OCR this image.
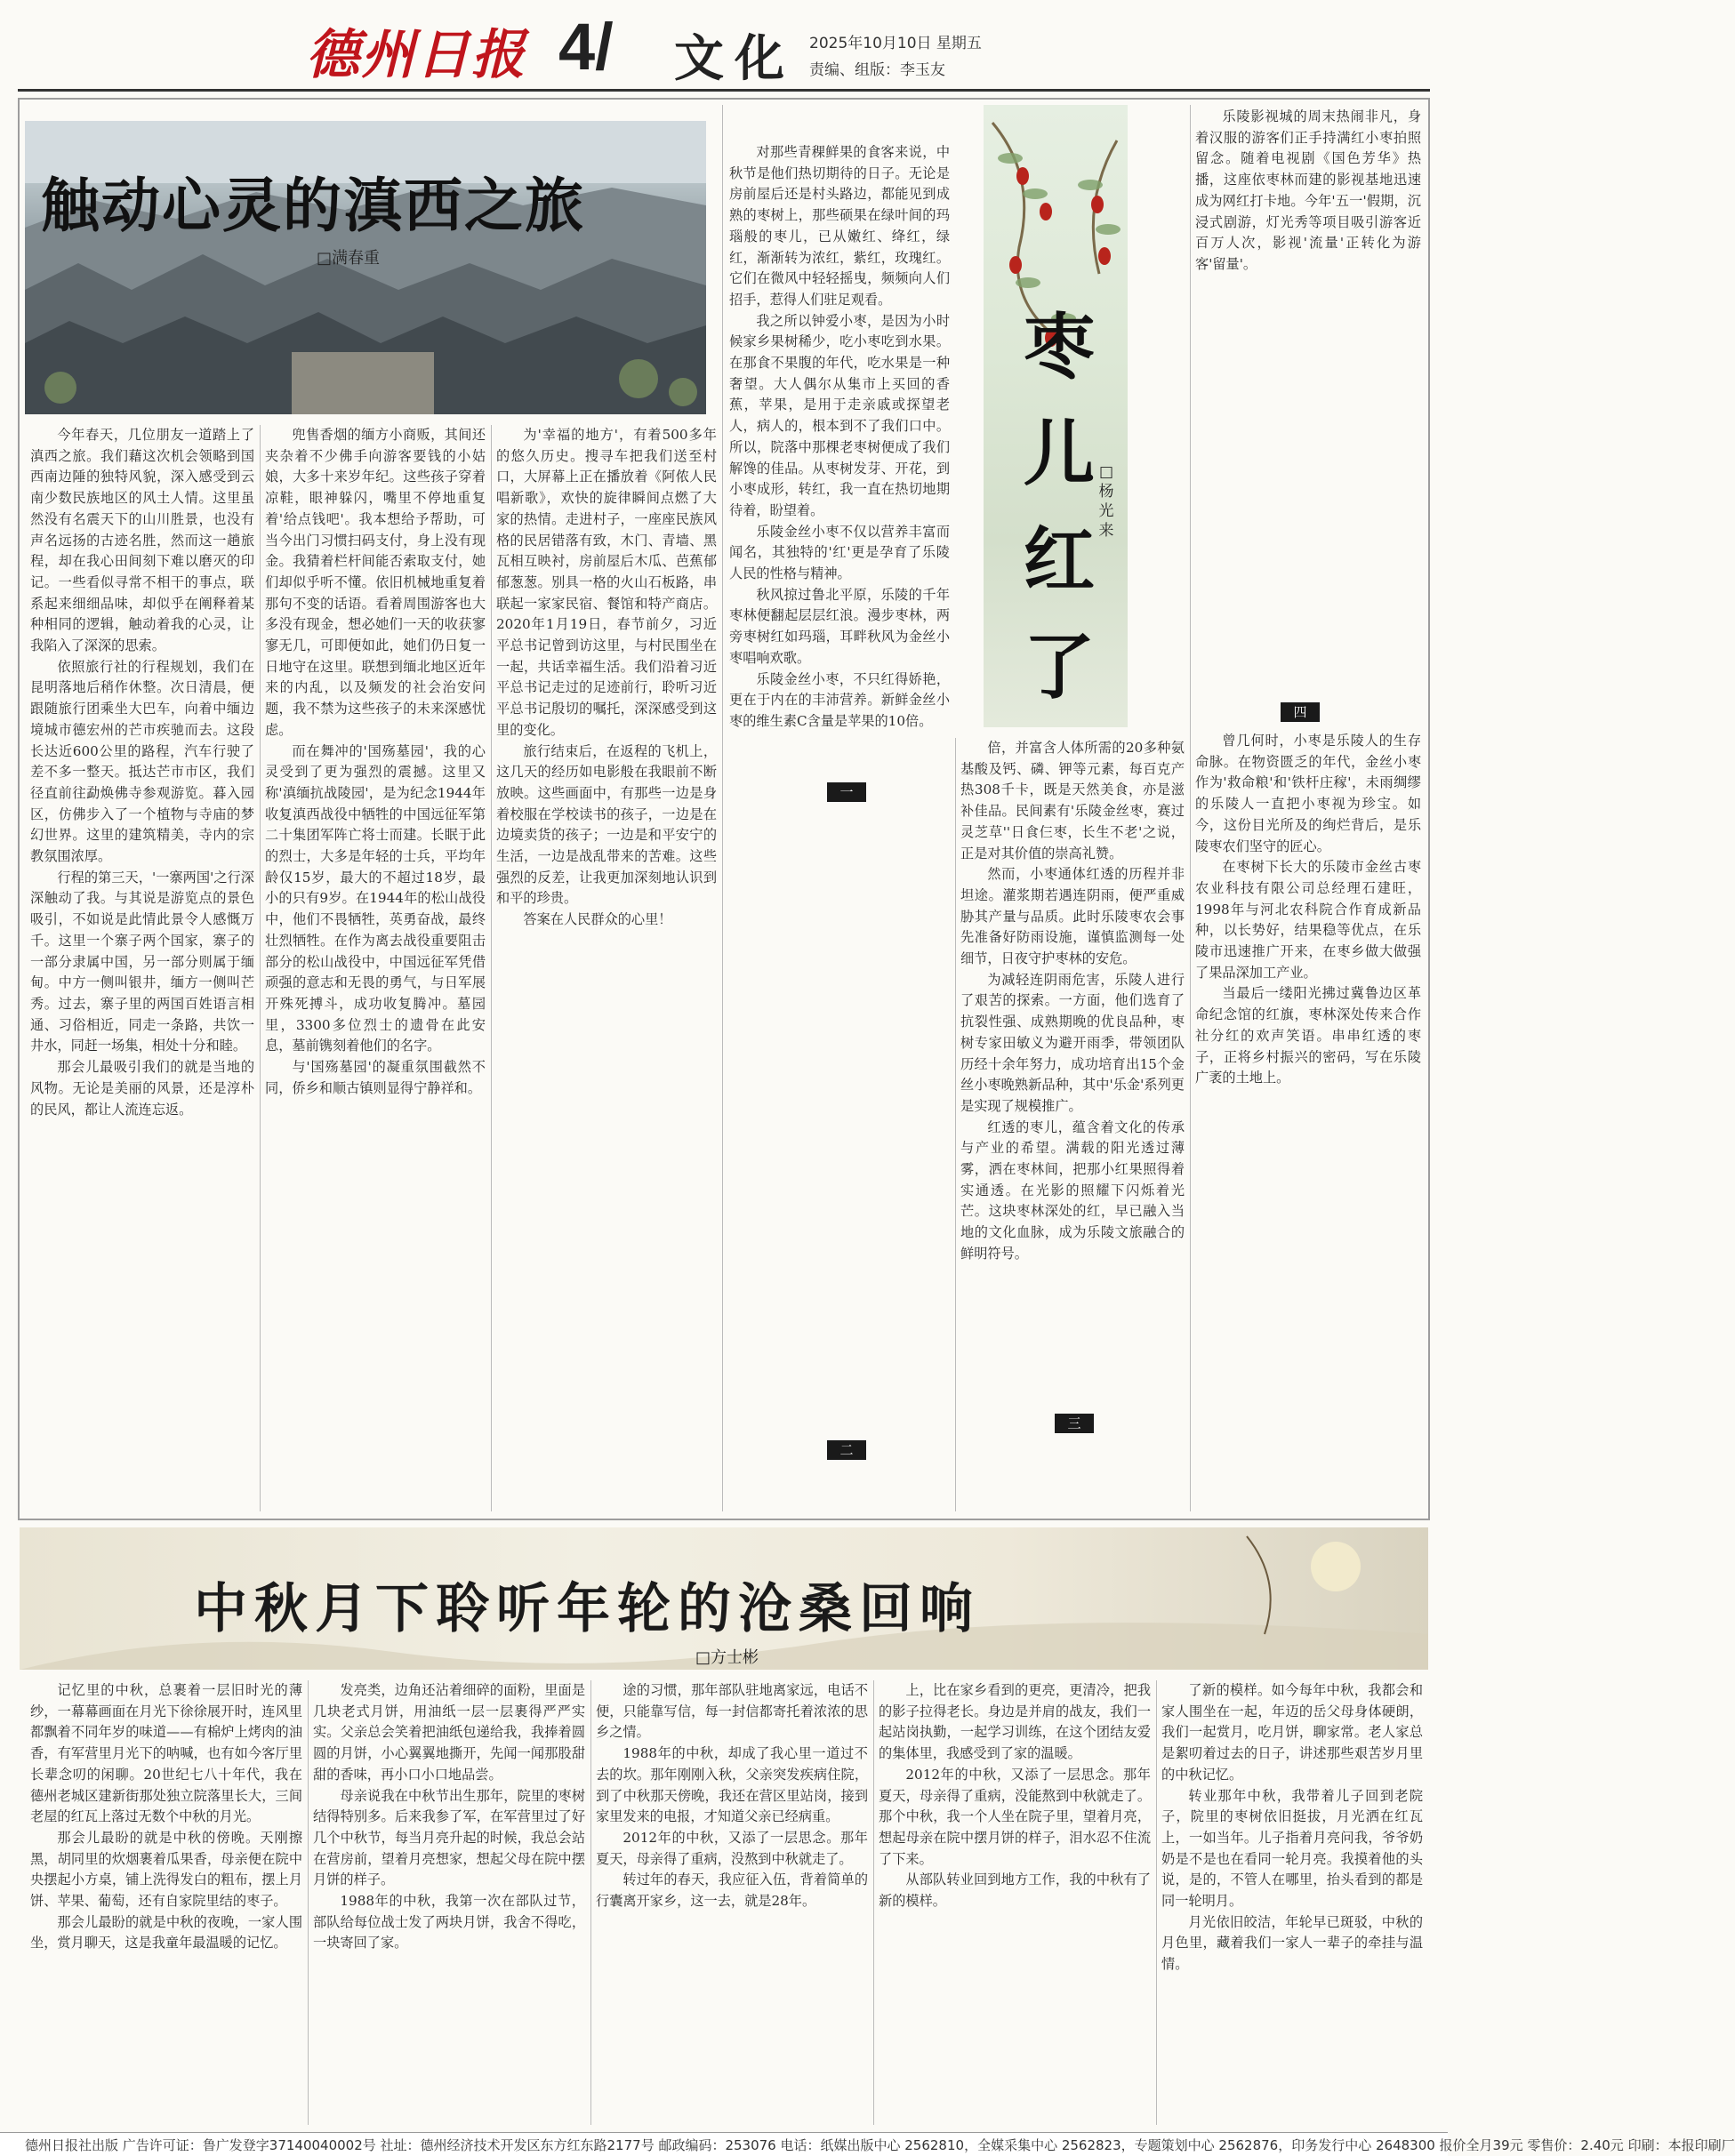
德州日报 4/ 文化 2025年10月10日 星期五
责编、组版：李玉友
触动心灵的滇西之旅
□满春重

今年春天，几位朋友一道踏上了滇西之旅。我们藉这次机会领略到国西南边陲的独特风貌，深入感受到云南少数民族地区的风土人情。这里虽然没有名震天下的山川胜景，也没有声名远扬的古迹名胜，然而这一趟旅程，却在我心田间刻下难以磨灭的印记。一些看似寻常不相干的事点，联系起来细细品味，却似乎在阐释着某种相同的逻辑，触动着我的心灵，让我陷入了深深的思索。

依照旅行社的行程规划，我们在昆明落地后稍作休整。次日清晨，便跟随旅行团乘坐大巴车，向着中缅边境城市德宏州的芒市疾驰而去。这段长达近600公里的路程，汽车行驶了差不多一整天。抵达芒市市区，我们径直前往勐焕佛寺参观游览。暮入园区，仿佛步入了一个植物与寺庙的梦幻世界。这里的建筑精美，寺内的宗教氛围浓厚。

行程的第三天，'一寨两国'之行深深触动了我。与其说是游览点的景色吸引，不如说是此情此景令人感慨万千。这里一个寨子两个国家，寨子的一部分隶属中国，另一部分则属于缅甸。中方一侧叫银井，缅方一侧叫芒秀。过去，寨子里的两国百姓语言相通、习俗相近，同走一条路，共饮一井水，同赶一场集，相处十分和睦。

那会儿最吸引我们的就是当地的风物。无论是美丽的风景，还是淳朴的民风，都让人流连忘返。

兜售香烟的缅方小商贩，其间还夹杂着不少佛手向游客要钱的小姑娘，大多十来岁年纪。这些孩子穿着凉鞋，眼神躲闪，嘴里不停地重复着'给点钱吧'。我本想给予帮助，可当今出门习惯扫码支付，身上没有现金。我猜着栏杆间能否索取支付，她们却似乎听不懂。依旧机械地重复着那句不变的话语。看着周围游客也大多没有现金，想必她们一天的收获寥寥无几，可即便如此，她们仍日复一日地守在这里。联想到缅北地区近年来的内乱，以及频发的社会治安问题，我不禁为这些孩子的未来深感忧虑。

而在舞冲的'国殇墓园'，我的心灵受到了更为强烈的震撼。这里又称'滇缅抗战陵园'，是为纪念1944年收复滇西战役中牺牲的中国远征军第二十集团军阵亡将士而建。长眠于此的烈士，大多是年轻的士兵，平均年龄仅15岁，最大的不超过18岁，最小的只有9岁。在1944年的松山战役中，他们不畏牺牲，英勇奋战，最终壮烈牺牲。在作为离去战役重要阻击部分的松山战役中，中国远征军凭借顽强的意志和无畏的勇气，与日军展开殊死搏斗，成功收复腾冲。墓园里，3300多位烈士的遗骨在此安息，墓前镌刻着他们的名字。

与'国殇墓园'的凝重氛围截然不同，侨乡和顺古镇则显得宁静祥和。

为'幸福的地方'，有着500多年的悠久历史。搜寻车把我们送至村口，大屏幕上正在播放着《阿侬人民唱新歌》，欢快的旋律瞬间点燃了大家的热情。走进村子，一座座民族风格的民居错落有致，木门、青墙、黑瓦相互映衬，房前屋后木瓜、芭蕉郁郁葱葱。别具一格的火山石板路，串联起一家家民宿、餐馆和特产商店。2020年1月19日，春节前夕，习近平总书记曾到访这里，与村民围坐在一起，共话幸福生活。我们沿着习近平总书记走过的足迹前行，聆听习近平总书记殷切的嘱托，深深感受到这里的变化。

旅行结束后，在返程的飞机上，这几天的经历如电影般在我眼前不断放映。这些画面中，有那些一边是身着校服在学校读书的孩子，一边是在边境卖货的孩子；一边是和平安宁的生活，一边是战乱带来的苦难。这些强烈的反差，让我更加深刻地认识到和平的珍贵。

答案在人民群众的心里！

对那些青稞鲜果的食客来说，中秋节是他们热切期待的日子。无论是房前屋后还是村头路边，都能见到成熟的枣树上，那些硕果在绿叶间的玛瑙般的枣儿，已从嫩红、绛红，绿红，渐渐转为浓红，紫红，玫瑰红。它们在微风中轻轻摇曳，频频向人们招手，惹得人们驻足观看。

我之所以钟爱小枣，是因为小时候家乡果树稀少，吃小枣吃到水果。在那食不果腹的年代，吃水果是一种奢望。大人偶尔从集市上买回的香蕉，苹果，是用于走亲戚或探望老人，病人的，根本到不了我们口中。所以，院落中那棵老枣树便成了我们解馋的佳品。从枣树发芽、开花，到小枣成形，转红，我一直在热切地期待着，盼望着。

乐陵金丝小枣不仅以营养丰富而闻名，其独特的'红'更是孕育了乐陵人民的性格与精神。

秋风掠过鲁北平原，乐陵的千年枣林便翻起层层红浪。漫步枣林，两旁枣树红如玛瑙，耳畔秋风为金丝小枣唱响欢歌。

乐陵金丝小枣，不只红得娇艳，更在于内在的丰沛营养。新鲜金丝小枣的维生素C含量是苹果的10倍。

枣
儿
红
了
□杨光来
一
二
三
四

倍，并富含人体所需的20多种氨基酸及钙、磷、钾等元素，每百克产热308千卡，既是天然美食，亦是滋补佳品。民间素有'乐陵金丝枣，赛过灵芝草''日食仨枣，长生不老'之说，正是对其价值的崇高礼赞。

然而，小枣通体红透的历程并非坦途。灌浆期若遇连阴雨，便严重威胁其产量与品质。此时乐陵枣农会事先准备好防雨设施，谨慎监测每一处细节，日夜守护枣林的安危。

为减轻连阴雨危害，乐陵人进行了艰苦的探索。一方面，他们选育了抗裂性强、成熟期晚的优良品种，枣树专家田敏义为避开雨季，带领团队历经十余年努力，成功培育出15个金丝小枣晚熟新品种，其中'乐金'系列更是实现了规模推广。

红透的枣儿，蕴含着文化的传承与产业的希望。满载的阳光透过薄雾，洒在枣林间，把那小红果照得着实通透。在光影的照耀下闪烁着光芒。这块枣林深处的红，早已融入当地的文化血脉，成为乐陵文旅融合的鲜明符号。

乐陵影视城的周末热闹非凡，身着汉服的游客们正手持满红小枣拍照留念。随着电视剧《国色芳华》热播，这座依枣林而建的影视基地迅速成为网红打卡地。今年'五一'假期，沉浸式剧游，灯光秀等项目吸引游客近百万人次，影视'流量'正转化为游客'留量'。

曾几何时，小枣是乐陵人的生存命脉。在物资匮乏的年代，金丝小枣作为'救命粮'和'铁杆庄稼'，未雨绸缪的乐陵人一直把小枣视为珍宝。如今，这份目光所及的绚烂背后，是乐陵枣农们坚守的匠心。

在枣树下长大的乐陵市金丝古枣农业科技有限公司总经理石建旺，1998年与河北农科院合作育成新品种，以长势好，结果稳等优点，在乐陵市迅速推广开来，在枣乡做大做强了果品深加工产业。

当最后一缕阳光拂过冀鲁边区革命纪念馆的红旗，枣林深处传来合作社分红的欢声笑语。串串红透的枣子，正将乡村振兴的密码，写在乐陵广袤的土地上。

中秋月下聆听年轮的沧桑回响
□方士彬

记忆里的中秋，总裹着一层旧时光的薄纱，一幕幕画面在月光下徐徐展开时，连风里都飘着不同年岁的味道——有棉炉上烤肉的油香，有军营里月光下的呐喊，也有如今客厅里长辈念叨的闲聊。20世纪七八十年代，我在德州老城区建新街那处独立院落里长大，三间老屋的红瓦上落过无数个中秋的月光。

那会儿最盼的就是中秋的傍晚。天刚擦黑，胡同里的炊烟裹着瓜果香，母亲便在院中央摆起小方桌，铺上洗得发白的粗布，摆上月饼、苹果、葡萄，还有自家院里结的枣子。

那会儿最盼的就是中秋的夜晚，一家人围坐，赏月聊天，这是我童年最温暖的记忆。

发亮类，边角还沾着细碎的面粉，里面是几块老式月饼，用油纸一层一层裹得严严实实。父亲总会笑着把油纸包递给我，我捧着圆圆的月饼，小心翼翼地撕开，先闻一闻那股甜甜的香味，再小口小口地品尝。

母亲说我在中秋节出生那年，院里的枣树结得特别多。后来我参了军，在军营里过了好几个中秋节，每当月亮升起的时候，我总会站在营房前，望着月亮想家，想起父母在院中摆月饼的样子。

1988年的中秋，我第一次在部队过节，部队给每位战士发了两块月饼，我舍不得吃，一块寄回了家。

途的习惯，那年部队驻地离家远，电话不便，只能靠写信，每一封信都寄托着浓浓的思乡之情。

1988年的中秋，却成了我心里一道过不去的坎。那年刚刚入秋，父亲突发疾病住院，到了中秋那天傍晚，我还在营区里站岗，接到家里发来的电报，才知道父亲已经病重。

2012年的中秋，又添了一层思念。那年夏天，母亲得了重病，没熬到中秋就走了。

转过年的春天，我应征入伍，背着简单的行囊离开家乡，这一去，就是28年。

上，比在家乡看到的更亮，更清冷，把我的影子拉得老长。身边是并肩的战友，我们一起站岗执勤，一起学习训练，在这个团结友爱的集体里，我感受到了家的温暖。

2012年的中秋，又添了一层思念。那年夏天，母亲得了重病，没能熬到中秋就走了。那个中秋，我一个人坐在院子里，望着月亮，想起母亲在院中摆月饼的样子，泪水忍不住流了下来。

从部队转业回到地方工作，我的中秋有了新的模样。

了新的模样。如今每年中秋，我都会和家人围坐在一起，年迈的岳父母身体硬朗，我们一起赏月，吃月饼，聊家常。老人家总是絮叨着过去的日子，讲述那些艰苦岁月里的中秋记忆。

转业那年中秋，我带着儿子回到老院子，院里的枣树依旧挺拔，月光洒在红瓦上，一如当年。儿子指着月亮问我，爷爷奶奶是不是也在看同一轮月亮。我摸着他的头说，是的，不管人在哪里，抬头看到的都是同一轮明月。

月光依旧皎洁，年轮早已斑驳，中秋的月色里，藏着我们一家人一辈子的牵挂与温情。

德州日报社出版 广告许可证：鲁广发登字37140040002号 社址：德州经济技术开发区东方红东路2177号 邮政编码：253076 电话：纸媒出版中心 2562810，全媒采集中心 2562823，专题策划中心 2562876，印务发行中心 2648300 报价全月39元 零售价：2.40元 印刷：本报印刷厂
